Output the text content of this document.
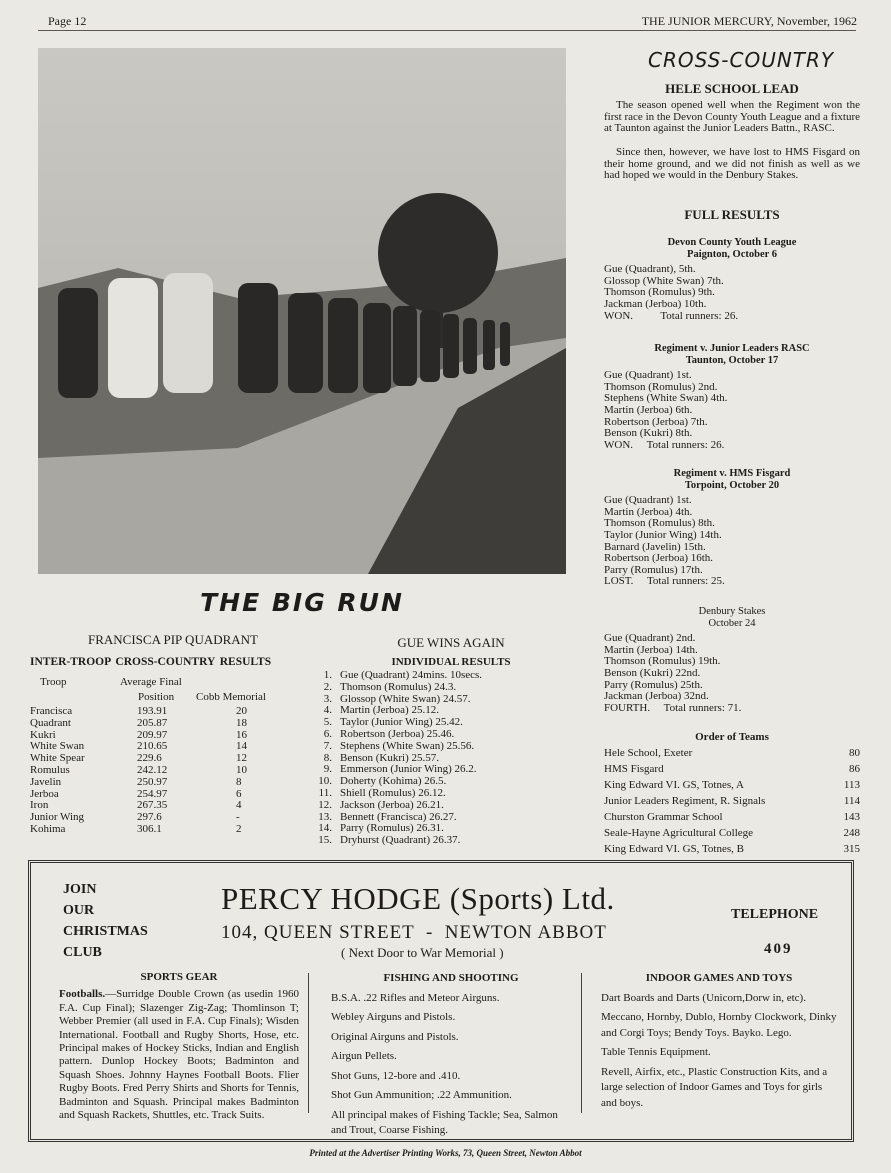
Page 12	THE JUNIOR MERCURY, November, 1962
THE BIG RUN
FRANCISCA PIP QUADRANT
INTER-TROOP CROSS-COUNTRY RESULTS
Troop	Average Final
Position Cobb Memorial
Francisca	193.91	20
Quadrant	205.87	18
Kukri	209.97	16
White Swan	210.65	14
White Spear	229.6	12
Romulus	242.12	10
Javelin	250.97	8
Jerboa	254.97	6
Iron	267.35	4
Junior Wing	297.6	-
Kohima	306.1	2
GUE WINS AGAIN
INDIVIDUAL RESULTS
1. Gue (Quadrant) 24mins. 10secs.
2. Thomson (Romulus) 24.3.
3. Glossop (White Swan) 24.57.
4. Martin (Jerboa) 25.12.
5. Taylor (Junior Wing) 25.42.
6. Robertson (Jerboa) 25.46.
7. Stephens (White Swan) 25.56.
8. Benson (Kukri) 25.57.
9. Emmerson (Junior Wing) 26.2.
10. Doherty (Kohima) 26.5.
11. Shiell (Romulus) 26.12.
12. Jackson (Jerboa) 26.21.
13. Bennett (Francisca) 26.27.
14. Parry (Romulus) 26.31.
15. Dryhurst (Quadrant) 26.37.
CROSS-COUNTRY
HELE SCHOOL LEAD
The season opened well when the Regiment won the first race in the Devon County Youth League and a fixture at Taunton against the Junior Leaders Battn., RASC.
Since then, however, we have lost to HMS Fisgard on their home ground, and we did not finish as well as we had hoped we would in the Denbury Stakes.
FULL RESULTS
Devon County Youth League
Paignton, October 6
Gue (Quadrant), 5th.
Glossop (White Swan) 7th.
Thomson (Romulus) 9th.
Jackman (Jerboa) 10th.
WON.          Total runners: 26.
Regiment v. Junior Leaders RASC
Taunton, October 17
Gue (Quadrant) 1st.
Thomson (Romulus) 2nd.
Stephens (White Swan) 4th.
Martin (Jerboa) 6th.
Robertson (Jerboa) 7th.
Benson (Kukri) 8th.
WON.     Total runners: 26.
Regiment v. HMS Fisgard
Torpoint, October 20
Gue (Quadrant) 1st.
Martin (Jerboa) 4th.
Thomson (Romulus) 8th.
Taylor (Junior Wing) 14th.
Barnard (Javelin) 15th.
Robertson (Jerboa) 16th.
Parry (Romulus) 17th.
LOST.     Total runners: 25.
Denbury Stakes
October 24
Gue (Quadrant) 2nd.
Martin (Jerboa) 14th.
Thomson (Romulus) 19th.
Benson (Kukri) 22nd.
Parry (Romulus) 25th.
Jackman (Jerboa) 32nd.
FOURTH.     Total runners: 71.
Order of Teams
Hele School, Exeter	80
HMS Fisgard	86
King Edward VI. GS, Totnes, A	113
Junior Leaders Regiment, R. Signals	114
Churston Grammar School	143
Seale-Hayne Agricultural College	248
King Edward VI. GS, Totnes, B	315
JOIN
OUR
CHRISTMAS
CLUB
PERCY HODGE (Sports) Ltd.
104, QUEEN STREET  -  NEWTON ABBOT
( Next Door to War Memorial )
TELEPHONE
409
SPORTS GEAR
Footballs.—Surridge Double Crown (as usedin 1960 F.A. Cup Final); Slazenger Zig-Zag; Thomlinson T; Webber Premier (all used in F.A. Cup Finals); Wisden International. Football and Rugby Shorts, Hose, etc. Principal makes of Hockey Sticks, Indian and English pattern. Dunlop Hockey Boots; Badminton and Squash Shoes. Johnny Haynes Football Boots. Flier Rugby Boots. Fred Perry Shirts and Shorts for Tennis, Badminton and Squash. Principal makes Badminton and Squash Rackets, Shuttles, etc. Track Suits.
FISHING AND SHOOTING
B.S.A. .22 Rifles and Meteor Airguns.
Webley Airguns and Pistols.
Original Airguns and Pistols.
Airgun Pellets.
Shot Guns, 12-bore and .410.
Shot Gun Ammunition; .22 Ammunition.
All principal makes of Fishing Tackle; Sea, Salmon and Trout, Coarse Fishing.
INDOOR GAMES AND TOYS
Dart Boards and Darts (Unicorn,Dorw in, etc).
Meccano, Hornby, Dublo, Hornby Clockwork, Dinky and Corgi Toys; Bendy Toys. Bayko. Lego.
Table Tennis Equipment.
Revell, Airfix, etc., Plastic Construction Kits, and a large selection of Indoor Games and Toys for girls and boys.
Printed at the Advertiser Printing Works, 73, Queen Street, Newton Abbot
